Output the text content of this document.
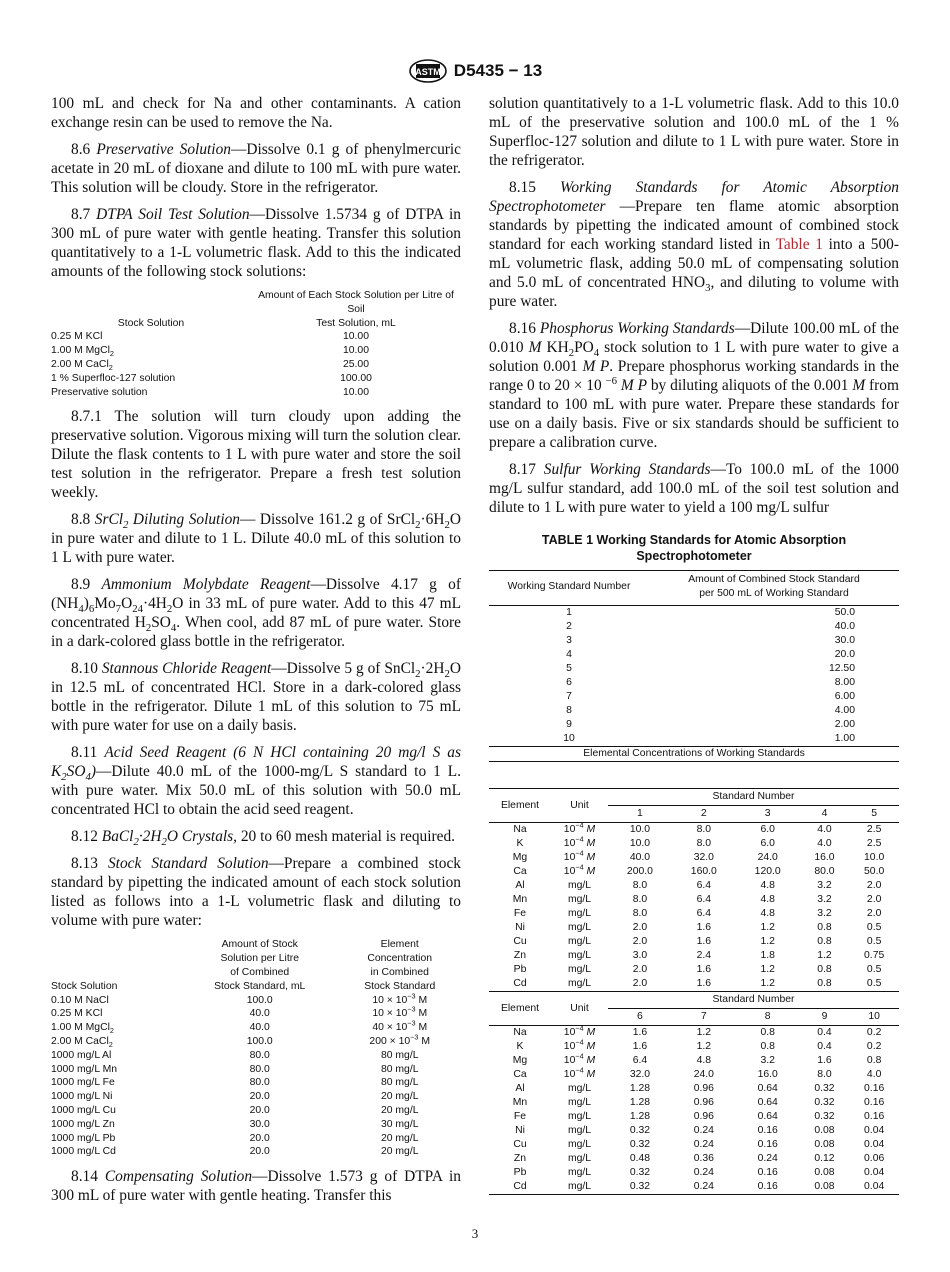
ASTM D5435 − 13

100 mL and check for Na and other contaminants. A cation exchange resin can be used to remove the Na.

8.6 Preservative Solution—Dissolve 0.1 g of phenylmercuric acetate in 20 mL of dioxane and dilute to 100 mL with pure water. This solution will be cloudy. Store in the refrigerator.

8.7 DTPA Soil Test Solution—Dissolve 1.5734 g of DTPA in 300 mL of pure water with gentle heating. Transfer this solution quantitatively to a 1-L volumetric flask. Add to this the indicated amounts of the following stock solutions:

	Amount of Each Stock Solution per Litre of Soil
Stock Solution	Test Solution, mL
0.25 M KCl	10.00
1.00 M MgCl$_2$	10.00
2.00 M CaCl$_2$	25.00
1 % Superfloc-127 solution	100.00
Preservative solution	10.00

8.7.1 The solution will turn cloudy upon adding the preservative solution. Vigorous mixing will turn the solution clear. Dilute the flask contents to 1 L with pure water and store the soil test solution in the refrigerator. Prepare a fresh test solution weekly.

8.8 SrCl$_2$ Diluting Solution— Dissolve 161.2 g of $SrCl_2\cdot 6H_2O$ in pure water and dilute to 1 L. Dilute 40.0 mL of this solution to 1 L with pure water.

8.9 Ammonium Molybdate Reagent—Dissolve 4.17 g of $(NH_4)_6Mo_7O_{24}\cdot 4H_2O$ in 33 mL of pure water. Add to this 47 mL concentrated $H_2SO_4$. When cool, add 87 mL of pure water. Store in a dark-colored glass bottle in the refrigerator.

8.10 Stannous Chloride Reagent—Dissolve 5 g of $SnCl_2\cdot 2H_2O$ in 12.5 mL of concentrated HCl. Store in a dark-colored glass bottle in the refrigerator. Dilute 1 mL of this solution to 75 mL with pure water for use on a daily basis.

8.11 Acid Seed Reagent (6 N HCl containing 20 mg/l S as $K_2SO_4)—Dilute$ 40.0 mL of the 1000-mg/L S standard to 1 L. with pure water. Mix 50.0 mL of this solution with 50.0 mL concentrated HCl to obtain the acid seed reagent.

8.12 $BaCl_2\cdot 2H_2O$ Crystals, 20 to 60 mesh material is required.

8.13 Stock Standard Solution—Prepare a combined stock standard by pipetting the indicated amount of each stock solution listed as follows into a 1-L volumetric flask and diluting to volume with pure water:

	Amount of Stock	Element
	Solution per Litre	Concentration
	of Combined	in Combined
Stock Solution	Stock Standard, mL	Stock Standard
0.10 M NaCl	100.0	$10 \times 10^{-3}$ M
0.25 M KCl	40.0	$10 \times 10^{-3}$ M
1.00 M MgCl$_2$	40.0	$40 \times 10^{-3}$ M
2.00 M CaCl$_2$	100.0	$200 \times 10^{-3}$ M
1000 mg/L Al	80.0	80 mg/L
1000 mg/L Mn	80.0	80 mg/L
1000 mg/L Fe	80.0	80 mg/L
1000 mg/L Ni	20.0	20 mg/L
1000 mg/L Cu	20.0	20 mg/L
1000 mg/L Zn	30.0	30 mg/L
1000 mg/L Pb	20.0	20 mg/L
1000 mg/L Cd	20.0	20 mg/L

8.14 Compensating Solution—Dissolve 1.573 g of DTPA in 300 mL of pure water with gentle heating. Transfer this

solution quantitatively to a 1-L volumetric flask. Add to this 10.0 mL of the preservative solution and 100.0 mL of the 1 % Superfloc-127 solution and dilute to 1 L with pure water. Store in the refrigerator.

8.15 Working Standards for Atomic Absorption Spectrophotometer —Prepare ten flame atomic absorption standards by pipetting the indicated amount of combined stock standard for each working standard listed in Table 1 into a 500- mL volumetric flask, adding 50.0 mL of compensating solution and 5.0 mL of concentrated $HNO_3$, and diluting to volume with pure water.

8.16 Phosphorus Working Standards—Dilute 100.00 mL of the 0.010 M $KH_2PO_4$ stock solution to 1 L with pure water to give a solution 0.001 M P. Prepare phosphorus working standards in the range 0 to 20 × 10 $^{-6}$ M P by diluting aliquots of the 0.001 M from standard to 100 mL with pure water. Prepare these standards for use on a daily basis. Five or six standards should be sufficient to prepare a calibration curve.

8.17 Sulfur Working Standards—To 100.0 mL of the 1000 mg/L sulfur standard, add 100.0 mL of the soil test solution and dilute to 1 L with pure water to yield a 100 mg/L sulfur

TABLE 1 Working Standards for Atomic Absorption
Spectrophotometer
Working Standard Number	Amount of Combined Stock Standard
per 500 mL of Working Standard

1	50.0
2	40.0
3	30.0
4	20.0
5	12.50
6	8.00
7	6.00
8	4.00
9	2.00
10	1.00

Elemental Concentrations of Working Standards	
Element	Unit	Standard Number				
		1	2	3	4	5
Na	$10^{-4}$ M	10.0	8.0	6.0	4.0	2.5
K	$10^{-4}$ M	10.0	8.0	6.0	4.0	2.5
Mg	$10^{-4}$ M	40.0	32.0	24.0	16.0	10.0
Ca	$10^{-4}$ M	200.0	160.0	120.0	80.0	50.0
Al	mg/L	8.0	6.4	4.8	3.2	2.0
Mn	mg/L	8.0	6.4	4.8	3.2	2.0
Fe	mg/L	8.0	6.4	4.8	3.2	2.0
Ni	mg/L	2.0	1.6	1.2	0.8	0.5
Cu	mg/L	2.0	1.6	1.2	0.8	0.5
Zn	mg/L	3.0	2.4	1.8	1.2	0.75
Pb	mg/L	2.0	1.6	1.2	0.8	0.5
Cd	mg/L	2.0	1.6	1.2	0.8	0.5
Element	Unit	Standard Number				
		6	7	8	9	10
Na	$10^{-4}$ M	1.6	1.2	0.8	0.4	0.2
K	$10^{-4}$ M	1.6	1.2	0.8	0.4	0.2
Mg	$10^{-4}$ M	6.4	4.8	3.2	1.6	0.8
Ca	$10^{-4}$ M	32.0	24.0	16.0	8.0	4.0
Al	mg/L	1.28	0.96	0.64	0.32	0.16
Mn	mg/L	1.28	0.96	0.64	0.32	0.16
Fe	mg/L	1.28	0.96	0.64	0.32	0.16
Ni	mg/L	0.32	0.24	0.16	0.08	0.04
Cu	mg/L	0.32	0.24	0.16	0.08	0.04
Zn	mg/L	0.48	0.36	0.24	0.12	0.06
Pb	mg/L	0.32	0.24	0.16	0.08	0.04
Cd	mg/L	0.32	0.24	0.16	0.08	0.04
3
